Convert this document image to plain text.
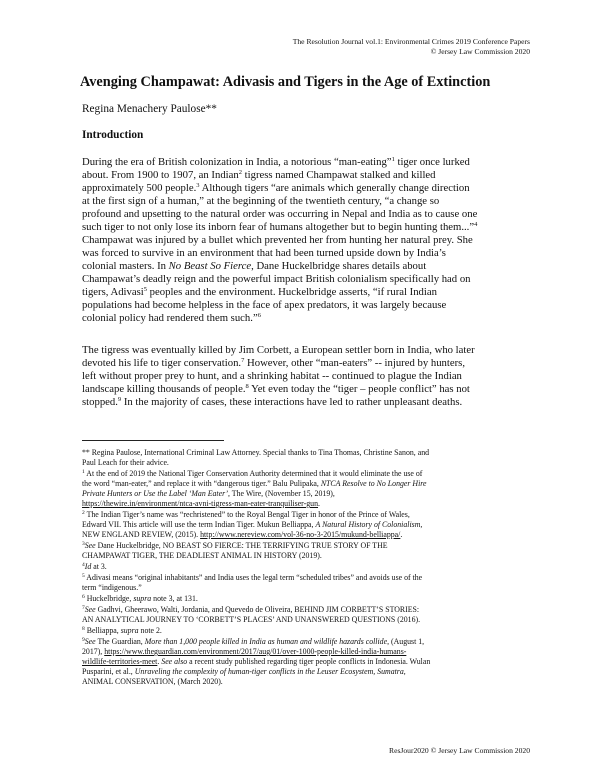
The Resolution Journal vol.1: Environmental Crimes 2019 Conference Papers
© Jersey Law Commission 2020
Avenging Champawat: Adivasis and Tigers in the Age of Extinction
Regina Menachery Paulose**
Introduction
During the era of British colonization in India, a notorious “man-eating”$^1$ tiger once lurked
about. From 1900 to 1907, an Indian$^2$ tigress named Champawat stalked and killed
approximately 500 people.$^3$ Although tigers “are animals which generally change direction
at the first sign of a human,” at the beginning of the twentieth century, “a change so
profound and upsetting to the natural order was occurring in Nepal and India as to cause one
such tiger to not only lose its inborn fear of humans altogether but to begin hunting them...”$^4$
Champawat was injured by a bullet which prevented her from hunting her natural prey. She
was forced to survive in an environment that had been turned upside down by India’s
colonial masters. In No Beast So Fierce, Dane Huckelbridge shares details about
Champawat’s deadly reign and the powerful impact British colonialism specifically had on
tigers, Adivasi$^5$ peoples and the environment. Huckelbridge asserts, “if rural Indian
populations had become helpless in the face of apex predators, it was largely because
colonial policy had rendered them such.”$^6$
The tigress was eventually killed by Jim Corbett, a European settler born in India, who later
devoted his life to tiger conservation.$^7$ However, other “man-eaters” -- injured by hunters,
left without proper prey to hunt, and a shrinking habitat -- continued to plague the Indian
landscape killing thousands of people.$^8$ Yet even today the “tiger – people conflict” has not
stopped.$^9$ In the majority of cases, these interactions have led to rather unpleasant deaths.
** Regina Paulose, International Criminal Law Attorney. Special thanks to Tina Thomas, Christine Sanon, and
Paul Leach for their advice.
$^1$ At the end of 2019 the National Tiger Conservation Authority determined that it would eliminate the use of
the word “man-eater,” and replace it with “dangerous tiger.” Balu Pulipaka, NTCA Resolve to No Longer Hire
Private Hunters or Use the Label ‘Man Eater’, The Wire, (November 15, 2019),
https://thewire.in/environment/ntca-avni-tigress-man-eater-tranquiliser-gun.
$^2$ The Indian Tiger’s name was “rechristened” to the Royal Bengal Tiger in honor of the Prince of Wales,
Edward VII. This article will use the term Indian Tiger. Mukun Belliappa, A Natural History of Colonialism,
NEW ENGLAND REVIEW, (2015). http://www.nereview.com/vol-36-no-3-2015/mukund-belliappa/.
$^3$See Dane Huckelbridge, NO BEAST SO FIERCE: THE TERRIFYING TRUE STORY OF THE
CHAMPAWAT TIGER, THE DEADLIEST ANIMAL IN HISTORY (2019).
$^4$Id at 3.
$^5$ Adivasi means “original inhabitants” and India uses the legal term “scheduled tribes” and avoids use of the
term “indigenous.”
$^6$ Huckelbridge, supra note 3, at 131.
$^7$See Gadhvi, Gheerawo, Walti, Jordania, and Quevedo de Oliveira, BEHIND JIM CORBETT’S STORIES:
AN ANALYTICAL JOURNEY TO ‘CORBETT’S PLACES’ AND UNANSWERED QUESTIONS (2016).
$^8$ Belliappa, supra note 2.
$^9$See The Guardian, More than 1,000 people killed in India as human and wildlife hazards collide, (August 1,
2017), https://www.theguardian.com/environment/2017/aug/01/over-1000-people-killed-india-humans-
wildlife-territories-meet. See also a recent study published regarding tiger people conflicts in Indonesia. Wulan
Pusparini, et al., Unraveling the complexity of human-tiger conflicts in the Leuser Ecosystem, Sumatra,
ANIMAL CONSERVATION, (March 2020).
ResJour2020 © Jersey Law Commission 2020
